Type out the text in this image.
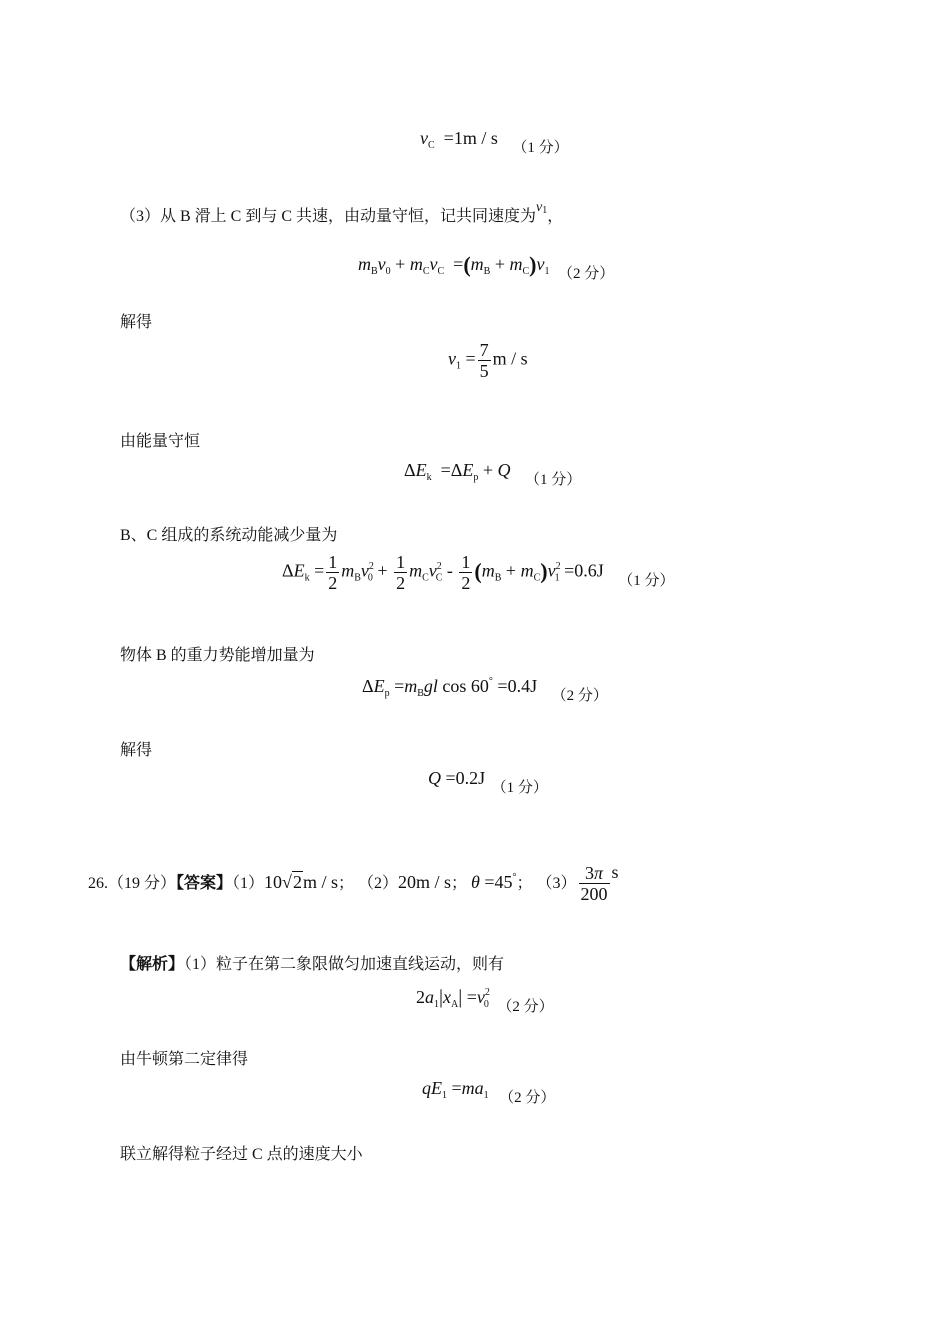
$v_C =1m / s$ $_{(1 分)}$
（3）从 B 滑上 C 到与 C 共速，由动量守恒，记共同速度为$v_1$，
$m_Bv_0 + m_Cv_C =(m_B + m_C)v_1$ $_{(2 分)}$
解得
$v_1 = \frac{7}{5}$ m / s
由能量守恒
$\Delta E_k =\Delta E_p + Q$ $_{(1 分)}$
B、C 组成的系统动能减少量为
$\Delta E_k = \frac{1}{2} m_Bv^2_0 + \frac{1}{2} m_Cv^2_C - \frac{1}{2} (m_B + m_C)v^2_1 =0.6J$ $_{(1 分)}$
物体 B 的重力势能增加量为
$\Delta E_p =m_Bgl$ cos 60° =0.4J $_{(2 分)}$
解得
Q =0.2J $_{(1 分)}$
26.（19 分）【答案】（1）10√2m / s； （2）20m / s； θ =45°； $(3) \frac{3\pi}{200}$ s
【解析】（1）粒子在第二象限做匀加速直线运动，则有
$2a_1|x_A| =v^2_0$ $_{(2 分)}$
由牛顿第二定律得
$qE_1 =ma_1$ $_{(2 分)}$
联立解得粒子经过 C 点的速度大小
